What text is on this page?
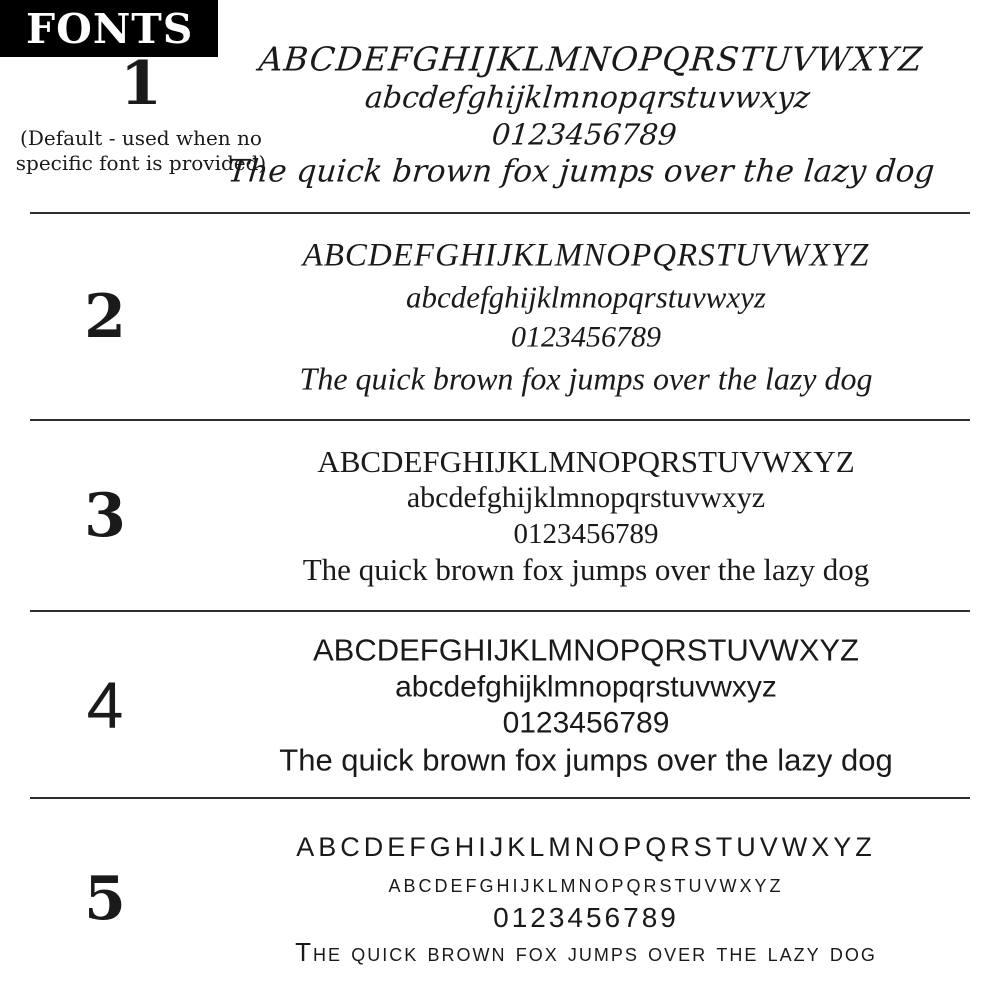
FONTS
1
(Default - used when no specific font is provided)
ABCDEFGHIJKLMNOPQRSTUVWXYZ
abcdefghijklmnopqrstuvwxyz
0123456789
The quick brown fox jumps over the lazy dog
2
ABCDEFGHIJKLMNOPQRSTUVWXYZ
abcdefghijklmnopqrstuvwxyz
0123456789
The quick brown fox jumps over the lazy dog
3
ABCDEFGHIJKLMNOPQRSTUVWXYZ
abcdefghijklmnopqrstuvwxyz
0123456789
The quick brown fox jumps over the lazy dog
4
ABCDEFGHIJKLMNOPQRSTUVWXYZ
abcdefghijklmnopqrstuvwxyz
0123456789
The quick brown fox jumps over the lazy dog
5
ABCDEFGHIJKLMNOPQRSTUVWXYZ
abcdefghijklmnopqrstuvwxyz
0123456789
The quick brown fox jumps over the lazy dog
